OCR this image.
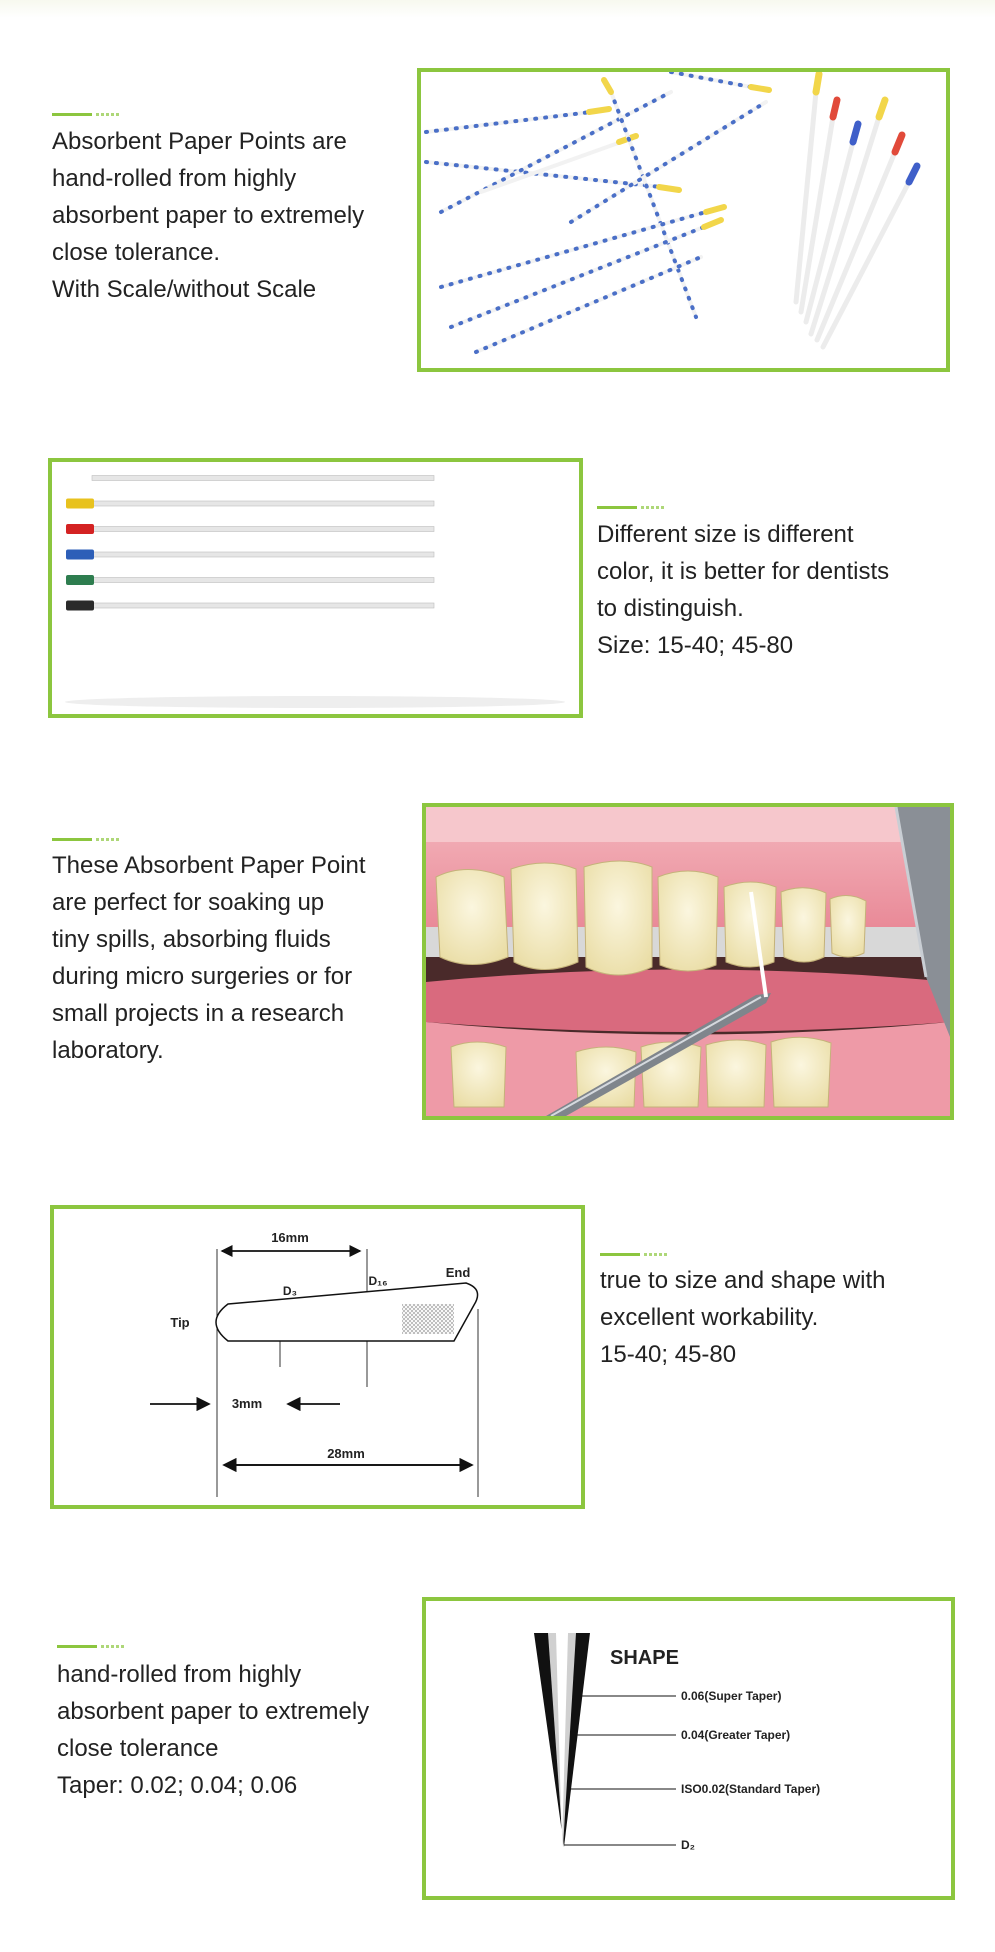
Absorbent Paper Points are
hand-rolled from highly
absorbent paper to extremely
close tolerance.
With Scale/without Scale
Different size is different
color, it is better for dentists
to distinguish.
Size: 15-40; 45-80
These Absorbent Paper Point
are perfect for soaking up
tiny spills, absorbing fluids
during micro surgeries or for
small projects in a research
laboratory.
16mm
D₃
D₁₆
End
Tip
3mm
28mm
true to size and shape with
excellent workability.
15-40; 45-80
hand-rolled from highly
absorbent paper to extremely
close tolerance
Taper: 0.02; 0.04; 0.06
SHAPE
0.06(Super Taper)
0.04(Greater Taper)
ISO0.02(Standard Taper)
D₂
